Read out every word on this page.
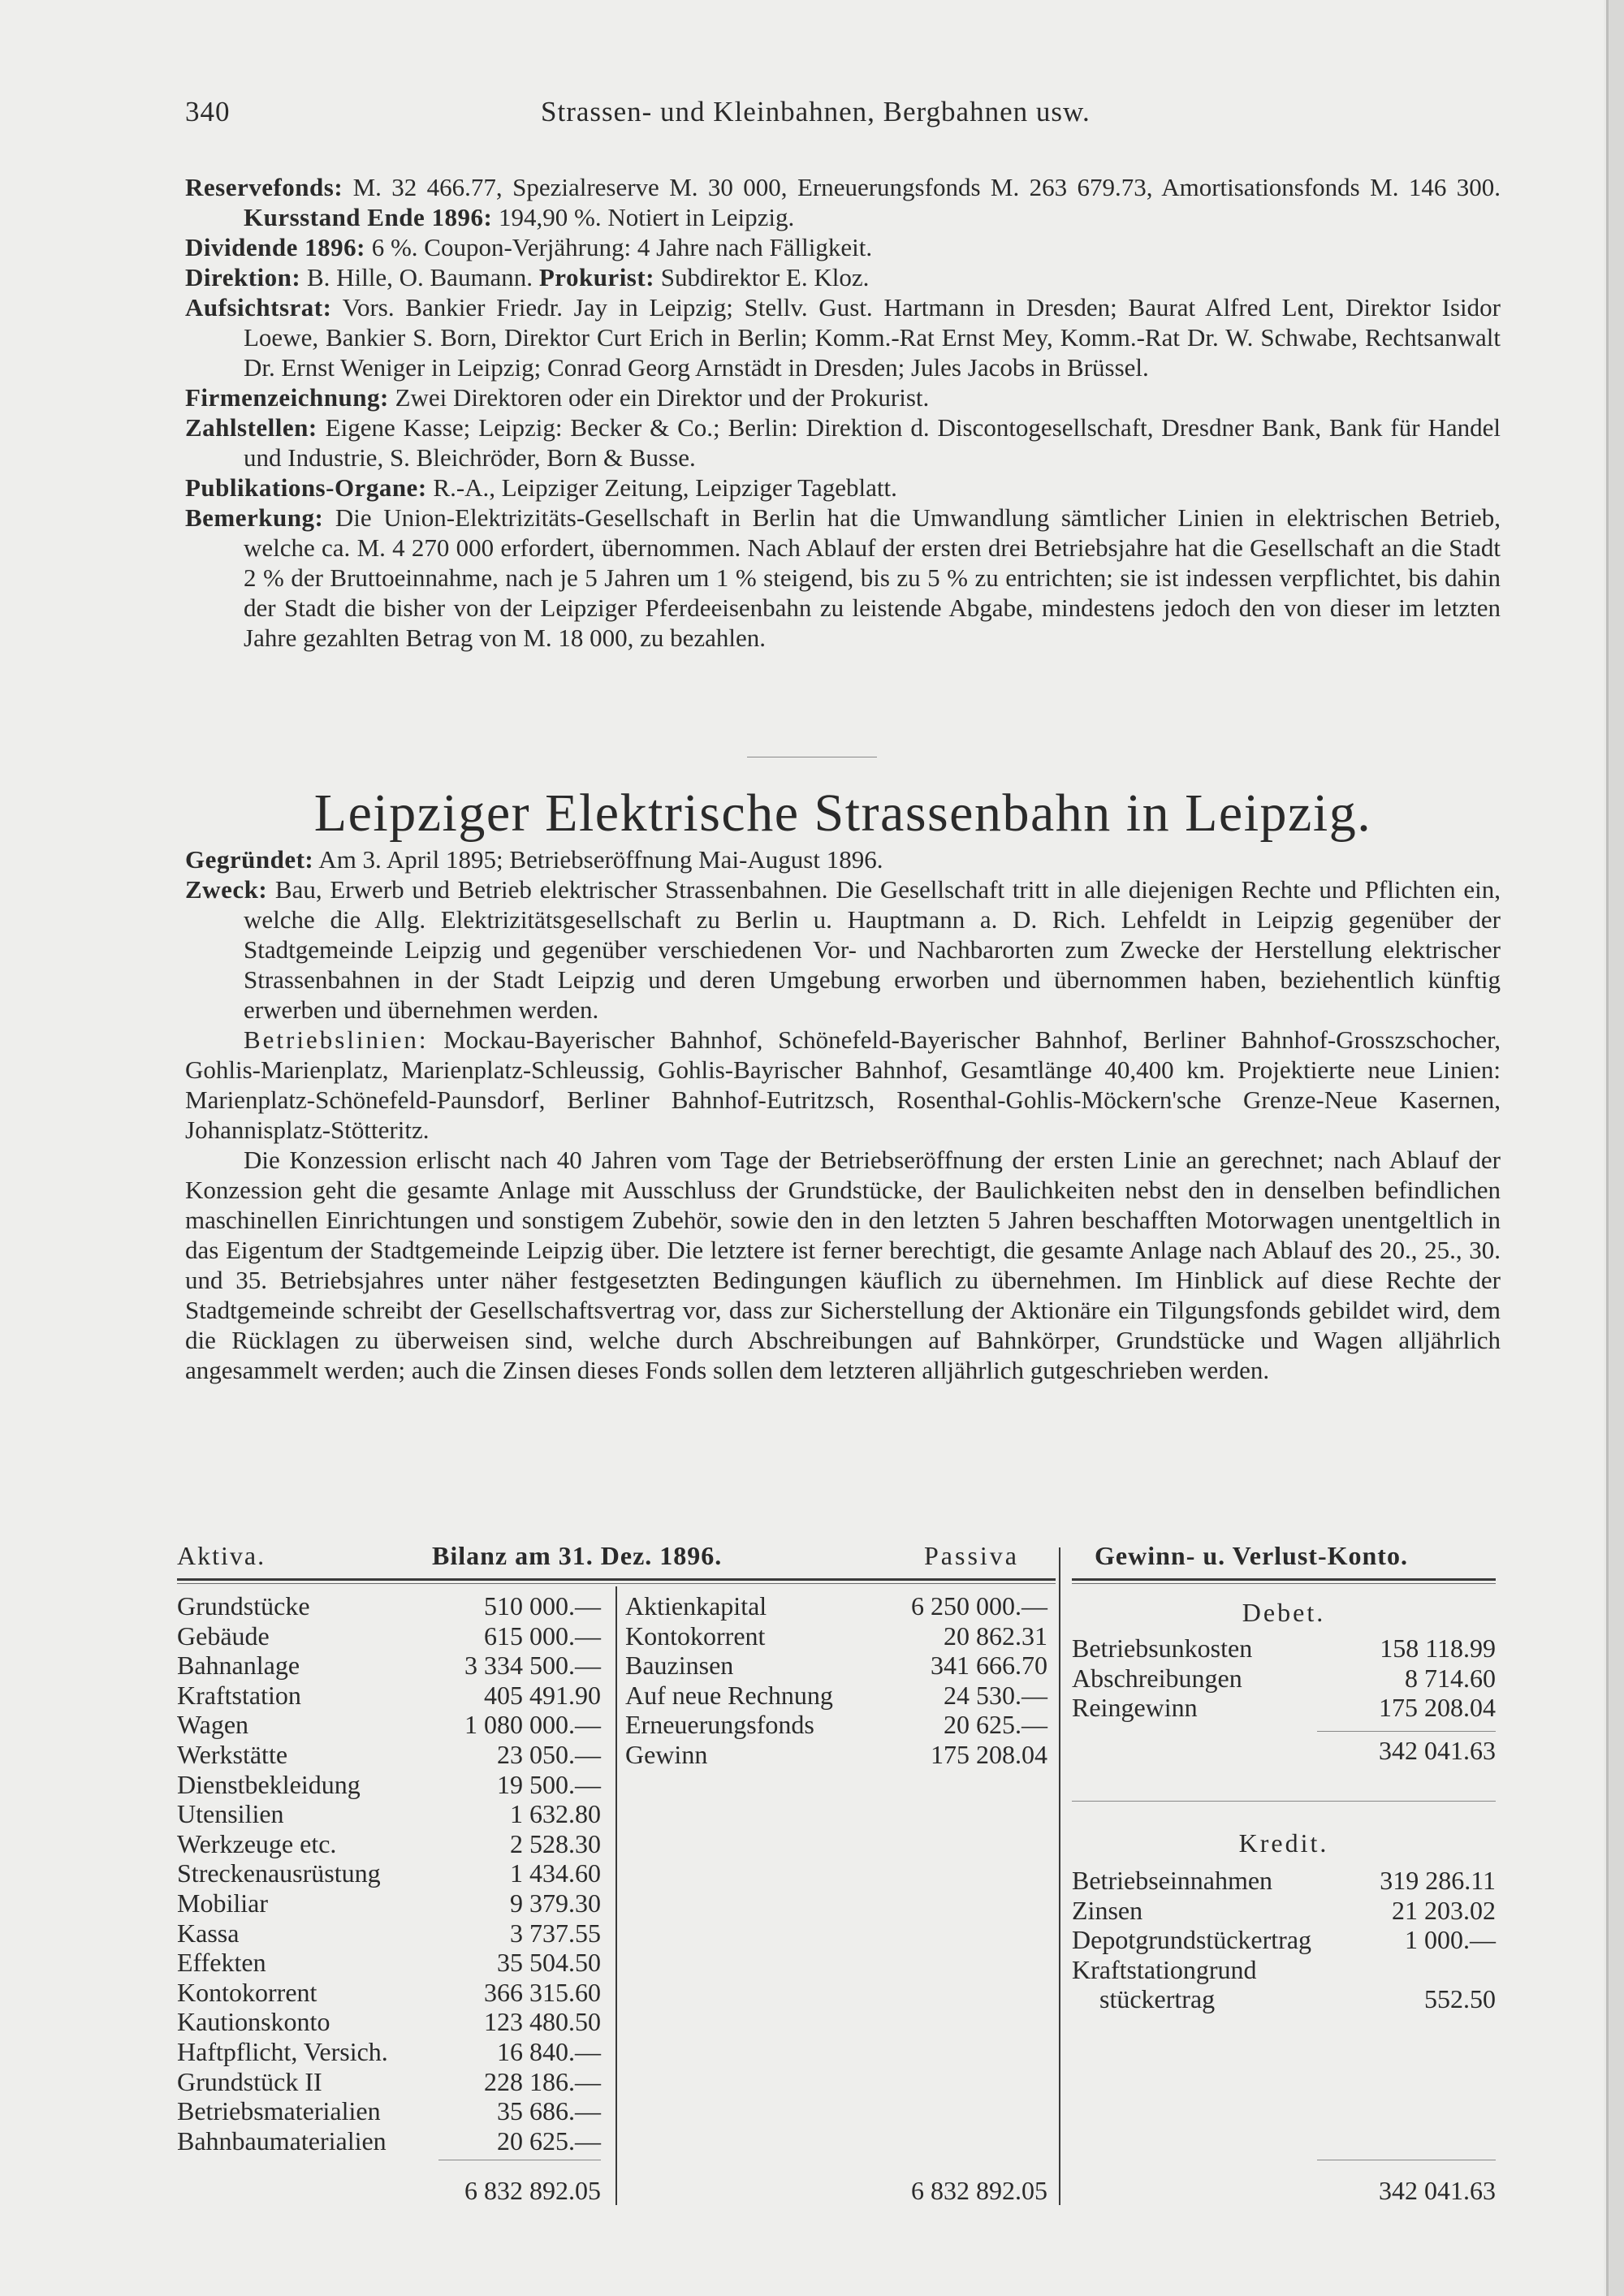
340	Strassen- und Kleinbahnen, Bergbahnen usw.
Reservefonds: M. 32 466.77, Spezialreserve M. 30 000, Erneuerungsfonds M. 263 679.73, Amortisationsfonds M. 146 300. Kursstand Ende 1896: 194,90 %. Notiert in Leipzig.
Dividende 1896: 6 %. Coupon-Verjährung: 4 Jahre nach Fälligkeit.
Direktion: B. Hille, O. Baumann. Prokurist: Subdirektor E. Kloz.
Aufsichtsrat: Vors. Bankier Friedr. Jay in Leipzig; Stellv. Gust. Hartmann in Dresden; Baurat Alfred Lent, Direktor Isidor Loewe, Bankier S. Born, Direktor Curt Erich in Berlin; Komm.-Rat Ernst Mey, Komm.-Rat Dr. W. Schwabe, Rechtsanwalt Dr. Ernst Weniger in Leipzig; Conrad Georg Arnstädt in Dresden; Jules Jacobs in Brüssel.
Firmenzeichnung: Zwei Direktoren oder ein Direktor und der Prokurist.
Zahlstellen: Eigene Kasse; Leipzig: Becker & Co.; Berlin: Direktion d. Discontogesellschaft, Dresdner Bank, Bank für Handel und Industrie, S. Bleichröder, Born & Busse.
Publikations-Organe: R.-A., Leipziger Zeitung, Leipziger Tageblatt.
Bemerkung: Die Union-Elektrizitäts-Gesellschaft in Berlin hat die Umwandlung sämtlicher Linien in elektrischen Betrieb, welche ca. M. 4 270 000 erfordert, übernommen. Nach Ablauf der ersten drei Betriebsjahre hat die Gesellschaft an die Stadt 2 % der Bruttoeinnahme, nach je 5 Jahren um 1 % steigend, bis zu 5 % zu entrichten; sie ist indessen verpflichtet, bis dahin der Stadt die bisher von der Leipziger Pferdeeisenbahn zu leistende Abgabe, mindestens jedoch den von dieser im letzten Jahre gezahlten Betrag von M. 18 000, zu bezahlen.
Leipziger Elektrische Strassenbahn in Leipzig.
Gegründet: Am 3. April 1895; Betriebseröffnung Mai-August 1896.
Zweck: Bau, Erwerb und Betrieb elektrischer Strassenbahnen. Die Gesellschaft tritt in alle diejenigen Rechte und Pflichten ein, welche die Allg. Elektrizitätsgesellschaft zu Berlin u. Hauptmann a. D. Rich. Lehfeldt in Leipzig gegenüber der Stadtgemeinde Leipzig und gegenüber verschiedenen Vor- und Nachbarorten zum Zwecke der Herstellung elektrischer Strassenbahnen in der Stadt Leipzig und deren Umgebung erworben und übernommen haben, beziehentlich künftig erwerben und übernehmen werden.
Betriebslinien: Mockau-Bayerischer Bahnhof, Schönefeld-Bayerischer Bahnhof, Berliner Bahnhof-Grosszschocher, Gohlis-Marienplatz, Marienplatz-Schleussig, Gohlis-Bayrischer Bahnhof, Gesamtlänge 40,400 km. Projektierte neue Linien: Marienplatz-Schönefeld-Paunsdorf, Berliner Bahnhof-Eutritzsch, Rosenthal-Gohlis-Möckern'sche Grenze-Neue Kasernen, Johannisplatz-Stötteritz.
Die Konzession erlischt nach 40 Jahren vom Tage der Betriebseröffnung der ersten Linie an gerechnet; nach Ablauf der Konzession geht die gesamte Anlage mit Ausschluss der Grundstücke, der Baulichkeiten nebst den in denselben befindlichen maschinellen Einrichtungen und sonstigem Zubehör, sowie den in den letzten 5 Jahren beschafften Motorwagen unentgeltlich in das Eigentum der Stadtgemeinde Leipzig über. Die letztere ist ferner berechtigt, die gesamte Anlage nach Ablauf des 20., 25., 30. und 35. Betriebsjahres unter näher festgesetzten Bedingungen käuflich zu übernehmen. Im Hinblick auf diese Rechte der Stadtgemeinde schreibt der Gesellschaftsvertrag vor, dass zur Sicherstellung der Aktionäre ein Tilgungsfonds gebildet wird, dem die Rücklagen zu überweisen sind, welche durch Abschreibungen auf Bahnkörper, Grundstücke und Wagen alljährlich angesammelt werden; auch die Zinsen dieses Fonds sollen dem letzteren alljährlich gutgeschrieben werden.
Aktiva.	Bilanz am 31. Dez. 1896.	Passiva	Gewinn- u. Verlust-Konto.
Grundstücke	510 000.—
Gebäude	615 000.—
Bahnanlage	3 334 500.—
Kraftstation	405 491.90
Wagen	1 080 000.—
Werkstätte	23 050.—
Dienstbekleidung	19 500.—
Utensilien	1 632.80
Werkzeuge etc.	2 528.30
Streckenausrüstung	1 434.60
Mobiliar	9 379.30
Kassa	3 737.55
Effekten	35 504.50
Kontokorrent	366 315.60
Kautionskonto	123 480.50
Haftpflicht, Versich.	16 840.—
Grundstück II	228 186.—
Betriebsmaterialien	35 686.—
Bahnbaumaterialien	20 625.—
6 832 892.05
Aktienkapital	6 250 000.—
Kontokorrent	20 862.31
Bauzinsen	341 666.70
Auf neue Rechnung	24 530.—
Erneuerungsfonds	20 625.—
Gewinn	175 208.04
6 832 892.05
Debet.
Betriebsunkosten	158 118.99
Abschreibungen	8 714.60
Reingewinn	175 208.04
342 041.63
Kredit.
Betriebseinnahmen	319 286.11
Zinsen	21 203.02
Depotgrundstückertrag	1 000.—
Kraftstationgrund
stückertrag	552.50
342 041.63
